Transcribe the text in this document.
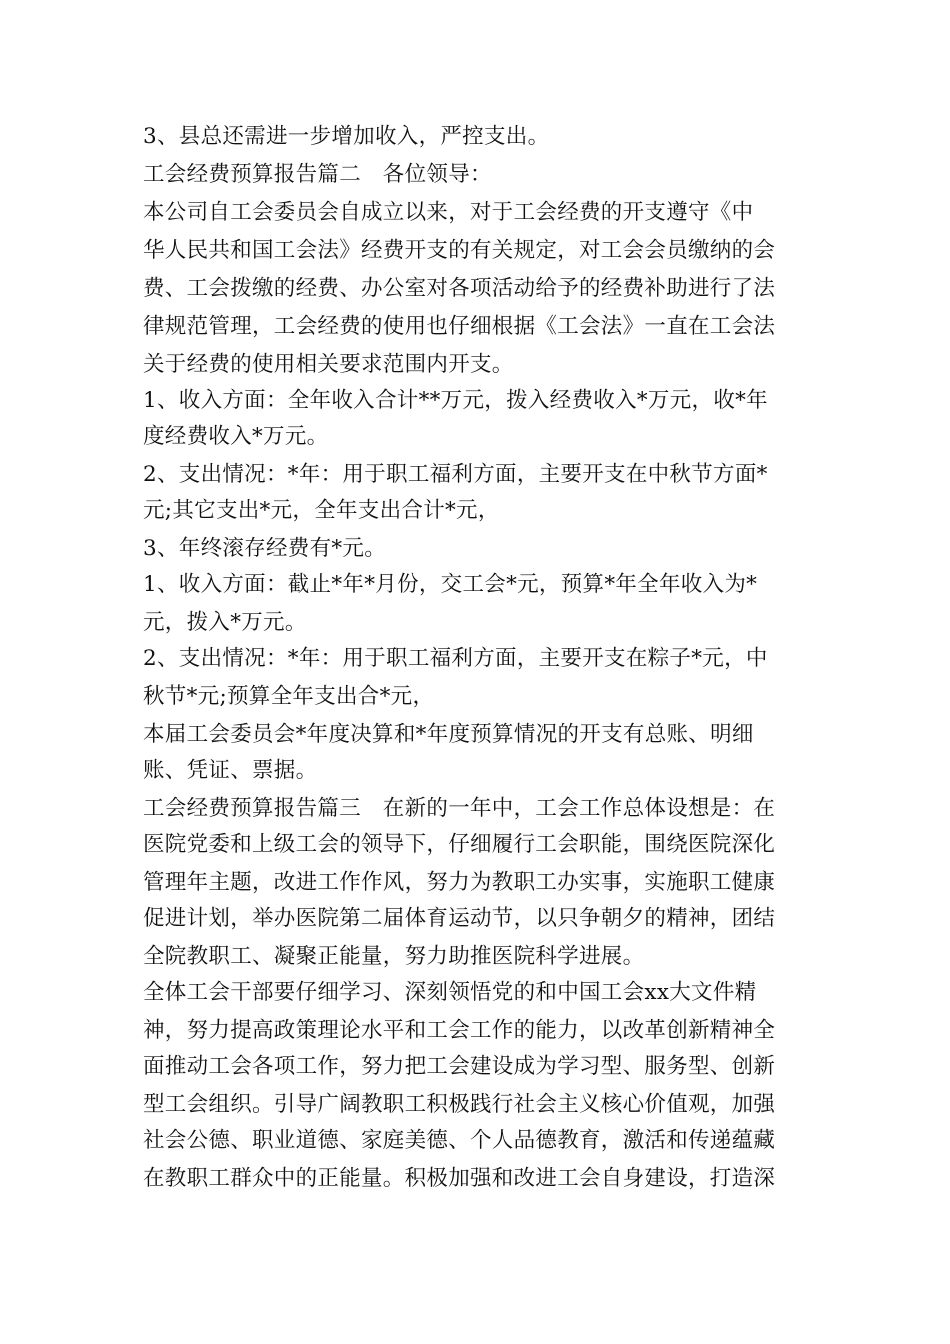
3、县总还需进一步增加收入，严控支出。
工会经费预算报告篇二　各位领导：
本公司自工会委员会自成立以来，对于工会经费的开支遵守《中
华人民共和国工会法》经费开支的有关规定，对工会会员缴纳的会
费、工会拨缴的经费、办公室对各项活动给予的经费补助进行了法
律规范管理，工会经费的使用也仔细根据《工会法》一直在工会法
关于经费的使用相关要求范围内开支。
1、收入方面：全年收入合计**万元，拨入经费收入*万元，收*年
度经费收入*万元。
2、支出情况：*年：用于职工福利方面，主要开支在中秋节方面*
元;其它支出*元，全年支出合计*元，
3、年终滚存经费有*元。
1、收入方面：截止*年*月份，交工会*元，预算*年全年收入为*
元，拨入*万元。
2、支出情况：*年：用于职工福利方面，主要开支在粽子*元，中
秋节*元;预算全年支出合*元，
本届工会委员会*年度决算和*年度预算情况的开支有总账、明细
账、凭证、票据。
工会经费预算报告篇三　在新的一年中，工会工作总体设想是：在
医院党委和上级工会的领导下，仔细履行工会职能，围绕医院深化
管理年主题，改进工作作风，努力为教职工办实事，实施职工健康
促进计划，举办医院第二届体育运动节，以只争朝夕的精神，团结
全院教职工、凝聚正能量，努力助推医院科学进展。
全体工会干部要仔细学习、深刻领悟党的和中国工会xx大文件精
神，努力提高政策理论水平和工会工作的能力，以改革创新精神全
面推动工会各项工作，努力把工会建设成为学习型、服务型、创新
型工会组织。引导广阔教职工积极践行社会主义核心价值观，加强
社会公德、职业道德、家庭美德、个人品德教育，激活和传递蕴藏
在教职工群众中的正能量。积极加强和改进工会自身建设，打造深
